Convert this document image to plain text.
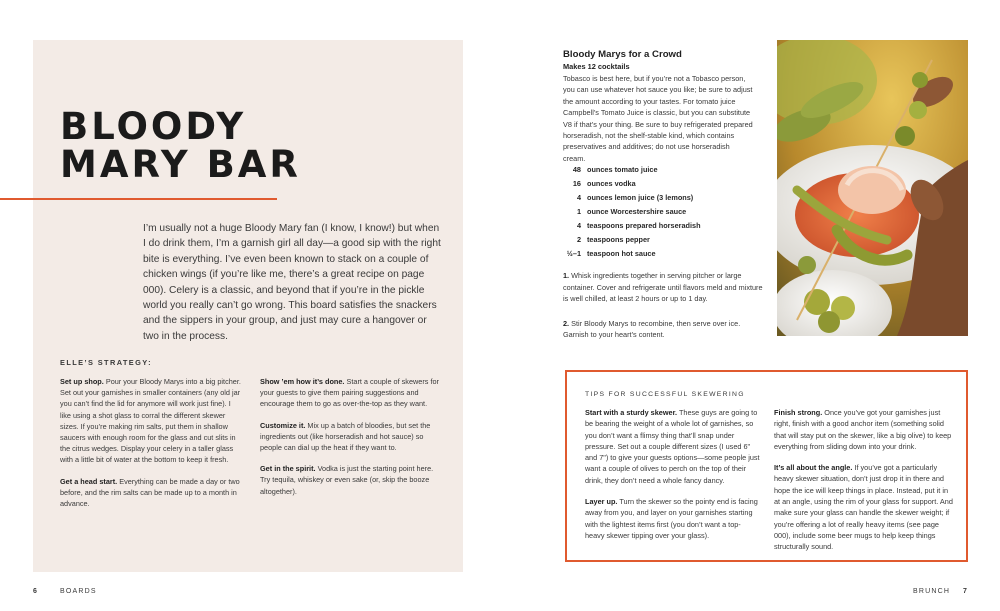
BLOODY
MARY BAR

I’m usually not a huge Bloody Mary fan (I know, I know!) but when I do drink them, I’m a garnish girl all day—a good sip with the right bite is everything. I’ve even been known to stack on a couple of chicken wings (if you’re like me, there’s a great recipe on page 000). Celery is a classic, and beyond that if you’re in the pickle world you really can’t go wrong. This board satisfies the snackers and the sippers in your group, and just may cure a hangover or two in the process.

ELLE’S STRATEGY:

Set up shop. Pour your Bloody Marys into a big pitcher. Set out your garnishes in smaller containers (any old jar you can’t find the lid for anymore will work just fine). I like using a shot glass to corral the different skewer sizes. If you’re making rim salts, put them in shallow saucers with enough room for the glass and cut slits in the citrus wedges. Display your celery in a taller glass with a little bit of water at the bottom to keep it fresh.

Get a head start. Everything can be made a day or two before, and the rim salts can be made up to a month in advance.

Show ’em how it’s done. Start a couple of skewers for your guests to give them pairing suggestions and encourage them to go as over-the-top as they want.

Customize it. Mix up a batch of bloodies, but set the ingredients out (like horseradish and hot sauce) so people can dial up the heat if they want to.

Get in the spirit. Vodka is just the starting point here. Try tequila, whiskey or even sake (or, skip the booze altogether).

6	BOARDS
Bloody Marys for a Crowd
Makes 12 cocktails

Tobasco is best here, but if you’re not a Tobasco person, you can use whatever hot sauce you like; be sure to adjust the amount according to your tastes. For tomato juice Campbell’s Tomato Juice is classic, but you can substitute V8 if that’s your thing. Be sure to buy refrigerated prepared horseradish, not the shelf-stable kind, which contains preservatives and additives; do not use horseradish cream.

48 ounces tomato juice
16 ounces vodka
4 ounces lemon juice (3 lemons)
1 ounce Worcestershire sauce
4 teaspoons prepared horseradish
2 teaspoons pepper
½–1 teaspoon hot sauce

1. Whisk ingredients together in serving pitcher or large container. Cover and refrigerate until flavors meld and mixture is well chilled, at least 2 hours or up to 1 day.

2. Stir Bloody Marys to recombine, then serve over ice. Garnish to your heart’s content.

TIPS FOR SUCCESSFUL SKEWERING

Start with a sturdy skewer. These guys are going to be bearing the weight of a whole lot of garnishes, so you don’t want a flimsy thing that’ll snap under pressure. Set out a couple different sizes (I used 6" and 7") to give your guests options—some people just want a couple of olives to perch on the top of their drink, they don’t need a whole fancy dancy.

Layer up. Turn the skewer so the pointy end is facing away from you, and layer on your garnishes starting with the lightest items first (you don’t want a top-heavy skewer tipping over your glass).

Finish strong. Once you’ve got your garnishes just right, finish with a good anchor item (something solid that will stay put on the skewer, like a big olive) to keep everything from sliding down into your drink.

It’s all about the angle. If you’ve got a particularly heavy skewer situation, don’t just drop it in there and hope the ice will keep things in place. Instead, put it in at an angle, using the rim of your glass for support. And make sure your glass can handle the skewer weight; if you’re offering a lot of really heavy items (see page 000), include some beer mugs to help keep things structurally sound.

BRUNCH 7
